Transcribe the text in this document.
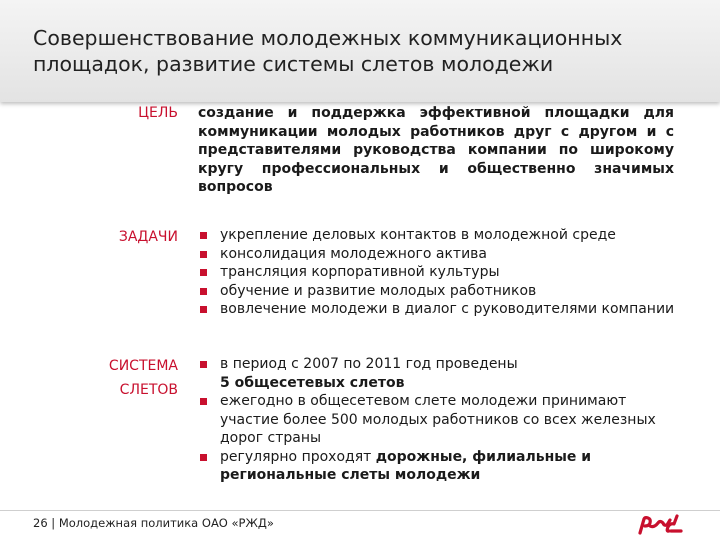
Совершенствование молодежных коммуникационных
площадок, развитие системы слетов молодежи
ЦЕЛЬ создание и поддержка эффективной площадки для коммуникации молодых работников друг с другом и с представителями руководства компании по широкому кругу профессиональных и общественно значимых вопросов
ЗАДАЧИ	укрепление деловых контактов в молодежной среде
консолидация молодежного актива
трансляция корпоративной культуры
обучение и развитие молодых работников
вовлечение молодежи в диалог с руководителями компании
СИСТЕМА
СЛЕТОВ
в период с 2007 по 2011 год проведены
5 общесетевых слетов
ежегодно в общесетевом слете молодежи принимают участие более 500 молодых работников со всех железных дорог страны
регулярно проходят дорожные, филиальные и региональные слеты молодежи
26 | Молодежная политика ОАО «РЖД»
